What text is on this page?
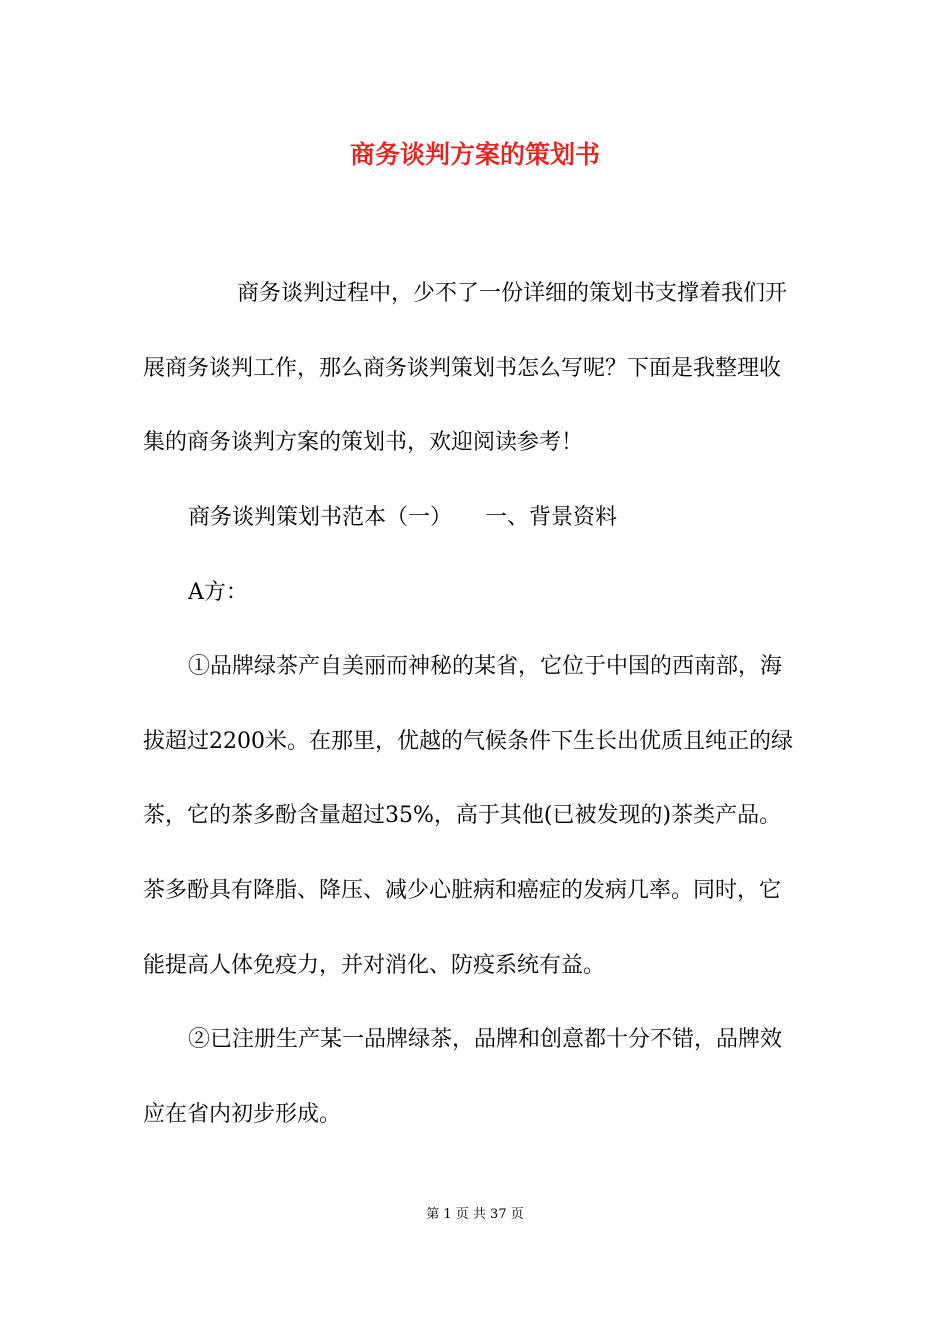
商务谈判方案的策划书
商务谈判过程中，少不了一份详细的策划书支撑着我们开
展商务谈判工作，那么商务谈判策划书怎么写呢？下面是我整理收
集的商务谈判方案的策划书，欢迎阅读参考！
商务谈判策划书范本（一）　　一、背景资料
A方：
①品牌绿茶产自美丽而神秘的某省，它位于中国的西南部，海
拔超过2200米。在那里，优越的气候条件下生长出优质且纯正的绿
茶，它的茶多酚含量超过35%，高于其他(已被发现的)茶类产品。
茶多酚具有降脂、降压、减少心脏病和癌症的发病几率。同时，它
能提高人体免疫力，并对消化、防疫系统有益。
②已注册生产某一品牌绿茶，品牌和创意都十分不错，品牌效
应在省内初步形成。
第 1 页 共 37 页
